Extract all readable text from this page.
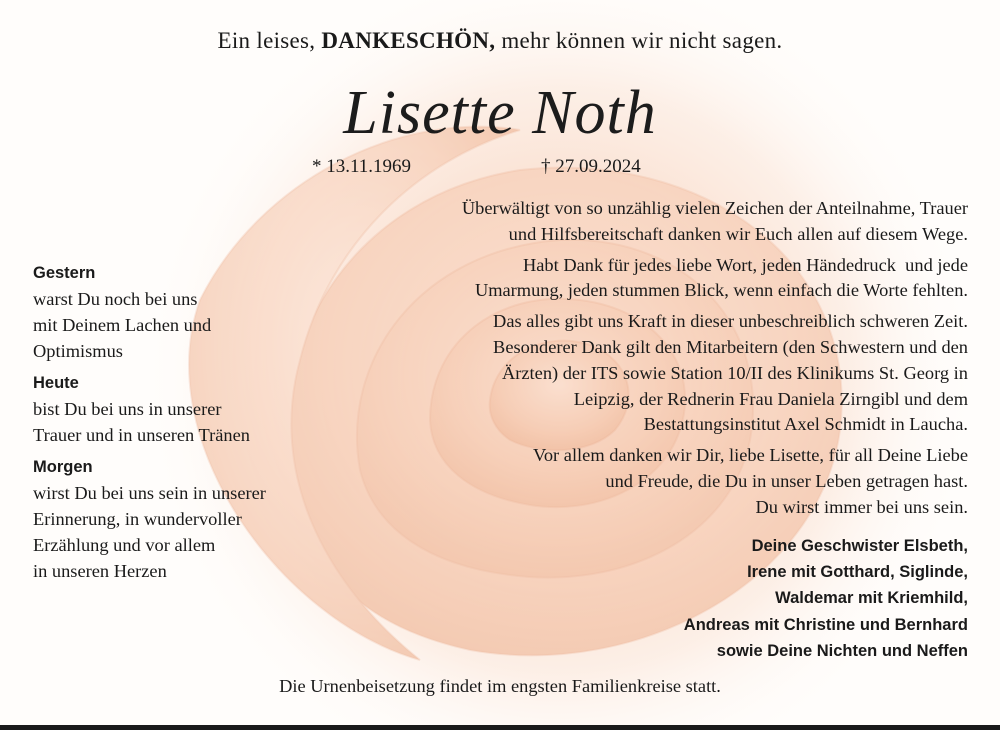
Ein leises, DANKESCHÖN, mehr können wir nicht sagen.
Lisette Noth
* 13.11.1969	† 27.09.2024

Überwältigt von so unzählig vielen Zeichen der Anteilnahme, Trauer
und Hilfsbereitschaft danken wir Euch allen auf diesem Wege.

Habt Dank für jedes liebe Wort, jeden Händedruck  und jede
Umarmung, jeden stummen Blick, wenn einfach die Worte fehlten.

Das alles gibt uns Kraft in dieser unbeschreiblich schweren Zeit.
Besonderer Dank gilt den Mitarbeitern (den Schwestern und den
Ärzten) der ITS sowie Station 10/II des Klinikums St. Georg in
Leipzig, der Rednerin Frau Daniela Zirngibl und dem
Bestattungsinstitut Axel Schmidt in Laucha.

Vor allem danken wir Dir, liebe Lisette, für all Deine Liebe
und Freude, die Du in unser Leben getragen hast.
Du wirst immer bei uns sein.

Gestern
warst Du noch bei uns
mit Deinem Lachen und
Optimismus
Heute
bist Du bei uns in unserer
Trauer und in unseren Tränen
Morgen
wirst Du bei uns sein in unserer
Erinnerung, in wundervoller
Erzählung und vor allem
in unseren Herzen
Deine Geschwister Elsbeth,
Irene mit Gotthard, Siglinde,
Waldemar mit Kriemhild,
Andreas mit Christine und Bernhard
sowie Deine Nichten und Neffen
Die Urnenbeisetzung findet im engsten Familienkreise statt.
